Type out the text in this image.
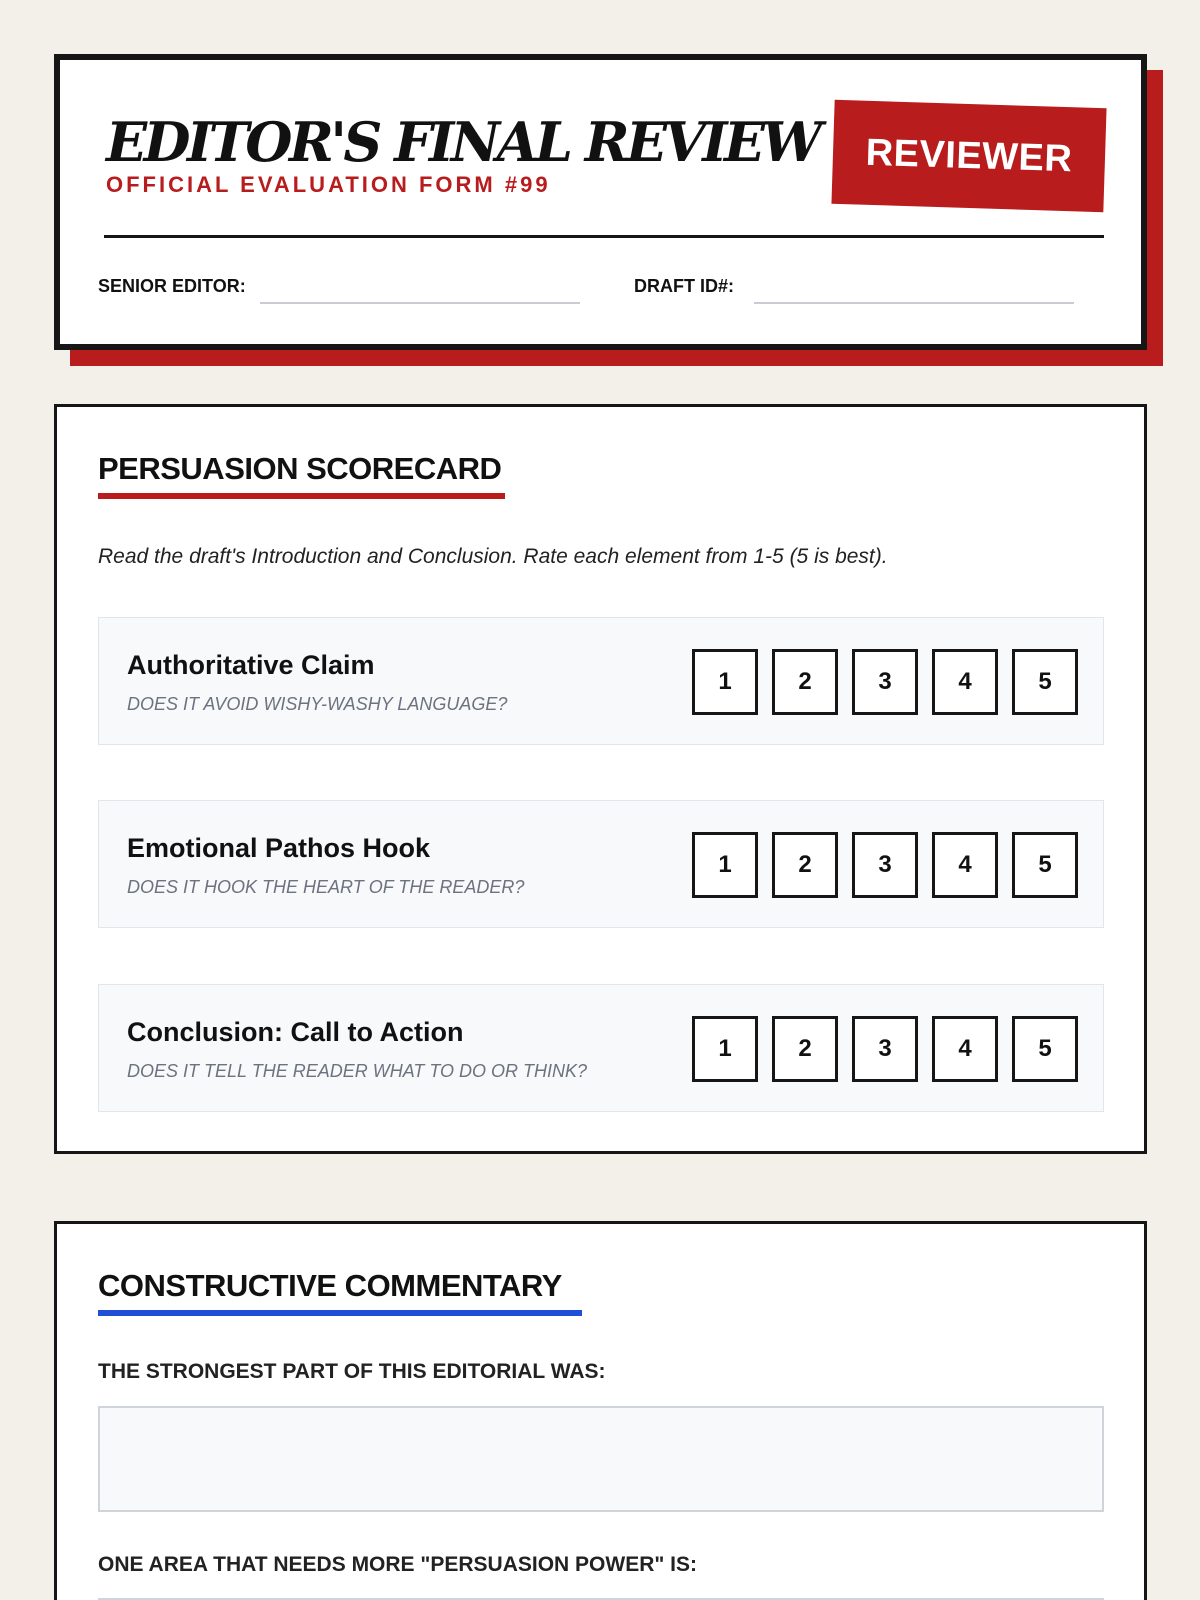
EDITOR'S FINAL REVIEW
OFFICIAL EVALUATION FORM #99
REVIEWER
SENIOR EDITOR:	DRAFT ID#:
PERSUASION SCORECARD
Read the draft's Introduction and Conclusion. Rate each element from 1-5 (5 is best).
Authoritative Claim
DOES IT AVOID WISHY-WASHY LANGUAGE?
1	2	3	4	5
Emotional Pathos Hook
DOES IT HOOK THE HEART OF THE READER?
1	2	3	4	5
Conclusion: Call to Action
DOES IT TELL THE READER WHAT TO DO OR THINK?
1	2	3	4	5
CONSTRUCTIVE COMMENTARY
THE STRONGEST PART OF THIS EDITORIAL WAS:
ONE AREA THAT NEEDS MORE "PERSUASION POWER" IS:
